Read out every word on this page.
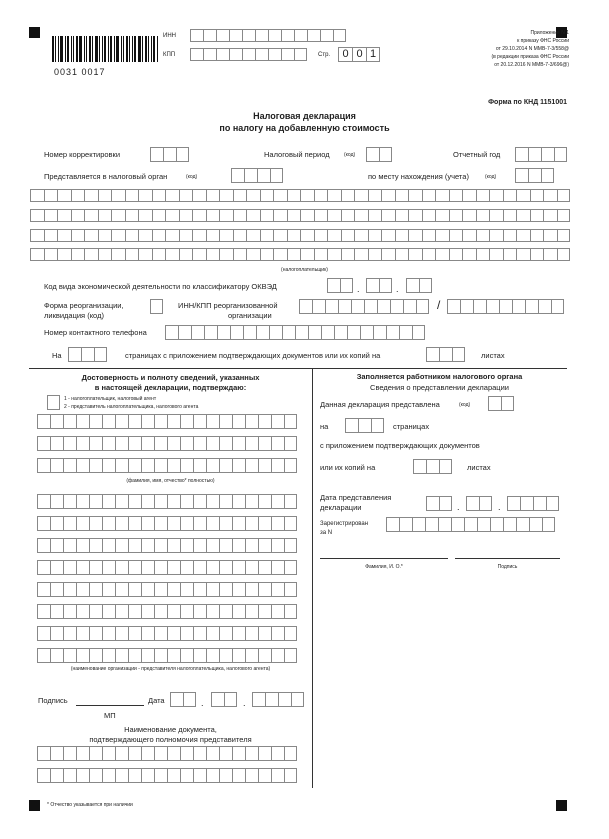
0031 0017
ИНН
КПП	Стр.	0 0 1
Приложение N 1
к приказу ФНС России
от 29.10.2014 N ММВ-7-3/558@
(в редакции приказа ФНС России
от 20.12.2016 N ММВ-7-3/696@)
Форма по КНД 1151001
Налоговая декларация
по налогу на добавленную стоимость
Номер корректировки	Налоговый период	(код)	Отчетный год
Представляется в налоговый орган	(код)	по месту нахождения (учета)	(код)
(налогоплательщик)
Код вида экономической деятельности по классификатору ОКВЭД	.	.
Форма реорганизации,
ликвидация (код)
ИНН/КПП реорганизованной
организации
/
Номер контактного телефона
На	страницах с приложением подтверждающих документов или их копий на	листах
Достоверность и полноту сведений, указанных
в настоящей декларации, подтверждаю:
1 - налогоплательщик, налоговый агент
2 - представитель налогоплательщика, налогового агента
(фамилия, имя, отчество* полностью)
(наименование организации - представителя налогоплательщика, налогового агента)
Подпись	Дата	.	.
МП
Наименование документа,
подтверждающего полномочия представителя
Заполняется работником налогового органа
Сведения о представлении декларации
Данная декларация представлена	(код)
на	страницах
с приложением подтверждающих документов
или их копий на	листах
Дата представления
декларации	.	.
Зарегистрирован
за N
Фамилия, И. О.*	Подпись
* Отчество указывается при наличии
